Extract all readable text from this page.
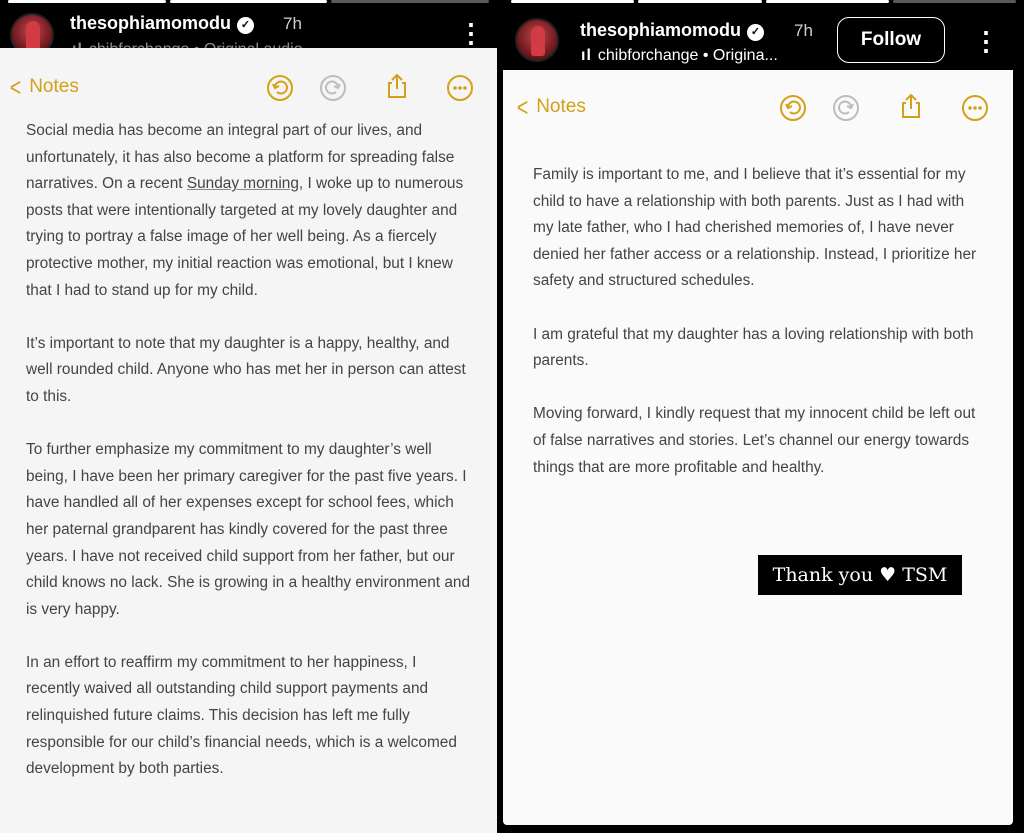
thesophiamomodu ✓ 7h	⋮
< Notes

Social media has become an integral part of our lives, and unfortunately, it has also become a platform for spreading false narratives. On a recent Sunday morning, I woke up to numerous posts that were intentionally targeted at my lovely daughter and trying to portray a false image of her well being. As a fiercely protective mother, my initial reaction was emotional, but I knew that I had to stand up for my child.

It’s important to note that my daughter is a happy, healthy, and well rounded child. Anyone who has met her in person can attest to this.

To further emphasize my commitment to my daughter’s well being, I have been her primary caregiver for the past five years. I have handled all of her expenses except for school fees, which her paternal grandparent has kindly covered for the past three years. I have not received child support from her father, but our child knows no lack. She is growing in a healthy environment and is very happy.

In an effort to reaffirm my commitment to her happiness, I recently waived all outstanding child support payments and relinquished future claims. This decision has left me fully responsible for our child’s financial needs, which is a welcomed development by both parties.

thesophiamomodu ✓ 7h
ıl chibforchange • Origina...
Follow	⋮
< Notes

Family is important to me, and I believe that it’s essential for my child to have a relationship with both parents. Just as I had with my late father, who I had cherished memories of, I have never denied her father access or a relationship. Instead, I prioritize her safety and structured schedules.

I am grateful that my daughter has a loving relationship with both parents.

Moving forward, I kindly request that my innocent child be left out of false narratives and stories. Let’s channel our energy towards things that are more profitable and healthy.

Thank you ♥ TSM
